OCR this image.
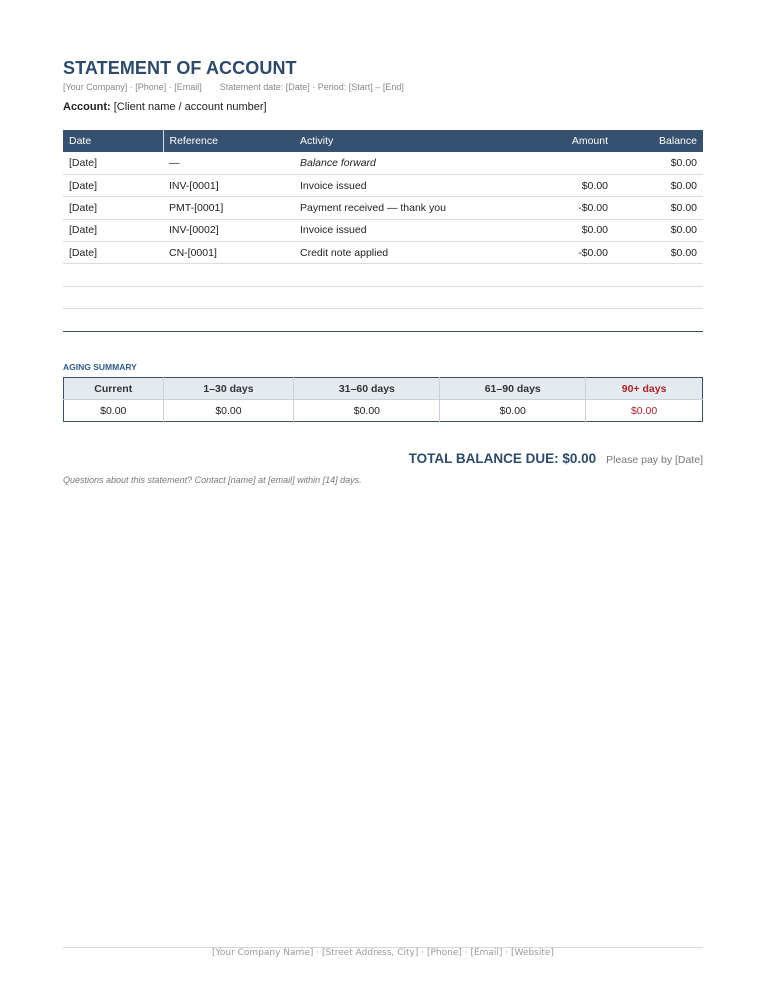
STATEMENT OF ACCOUNT
[Your Company] · [Phone] · [Email] Statement date: [Date] · Period: [Start] – [End]
Account: [Client name / account number]
Date	Reference	Activity	Amount	Balance
[Date]	—	Balance forward		$0.00
[Date]	INV-[0001]	Invoice issued	$0.00	$0.00
[Date]	PMT-[0001]	Payment received — thank you	-$0.00	$0.00
[Date]	INV-[0002]	Invoice issued	$0.00	$0.00
[Date]	CN-[0001]	Credit note applied	-$0.00	$0.00

AGING SUMMARY
Current	1–30 days	31–60 days	61–90 days	90+ days
$0.00	$0.00	$0.00	$0.00	$0.00
TOTAL BALANCE DUE: $0.00 Please pay by [Date]
Questions about this statement? Contact [name] at [email] within [14] days.
[Your Company Name] · [Street Address, City] · [Phone] · [Email] · [Website]
